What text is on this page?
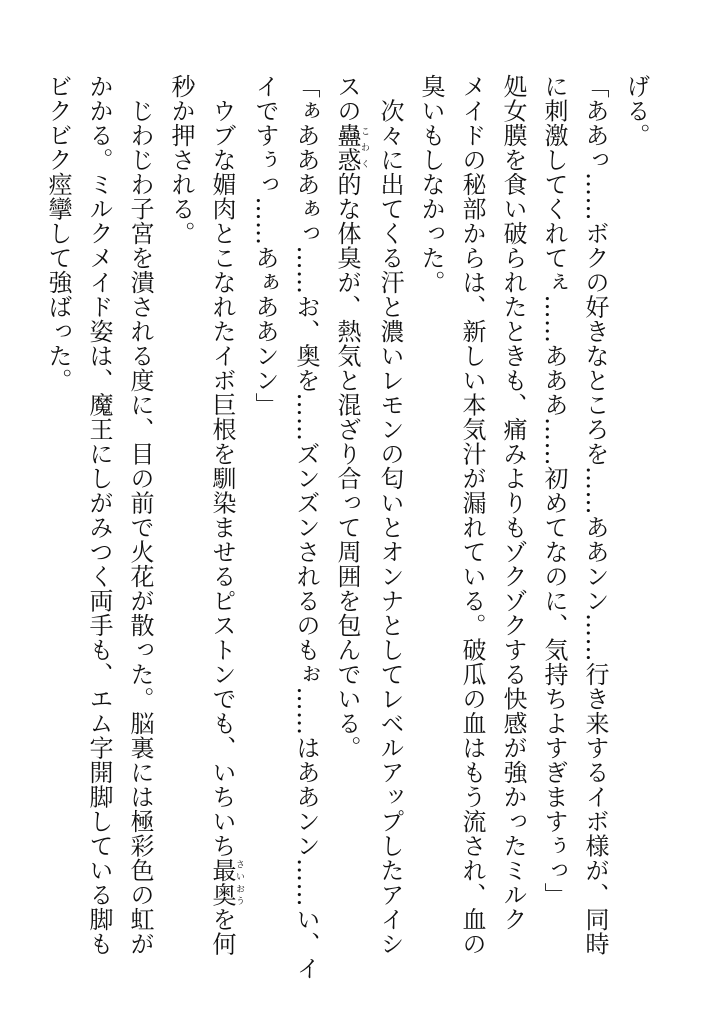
げる。
「ああっ……ボクの好きなところを……ああンン……行き来するイボ様が、同時
に刺激してくれてぇ……あああ……初めてなのに、気持ちよすぎますぅっ」
処女膜を食い破られたときも、痛みよりもゾクゾクする快感が強かったミルク
メイドの秘部からは、新しい本気汁が漏れている。破瓜の血はもう流され、血の
臭いもしなかった。
　次々に出てくる汗と濃いレモンの匂いとオンナとしてレベルアップしたアイシ
スの蠱惑こわく的な体臭が、熱気と混ざり合って周囲を包んでいる。
「ぁあああぁっ……お、奥を……ズンズンされるのもぉ……はああンン……い、イ
イですぅっ……あぁああンン」
　ウブな媚肉とこなれたイボ巨根を馴染ませるピストンでも、いちいち最奥さいおうを何
秒か押される。
　じわじわ子宮を潰される度に、目の前で火花が散った。脳裏には極彩色の虹が
かかる。ミルクメイド姿は、魔王にしがみつく両手も、エム字開脚している脚も
ビクビク痙攣して強ばった。
